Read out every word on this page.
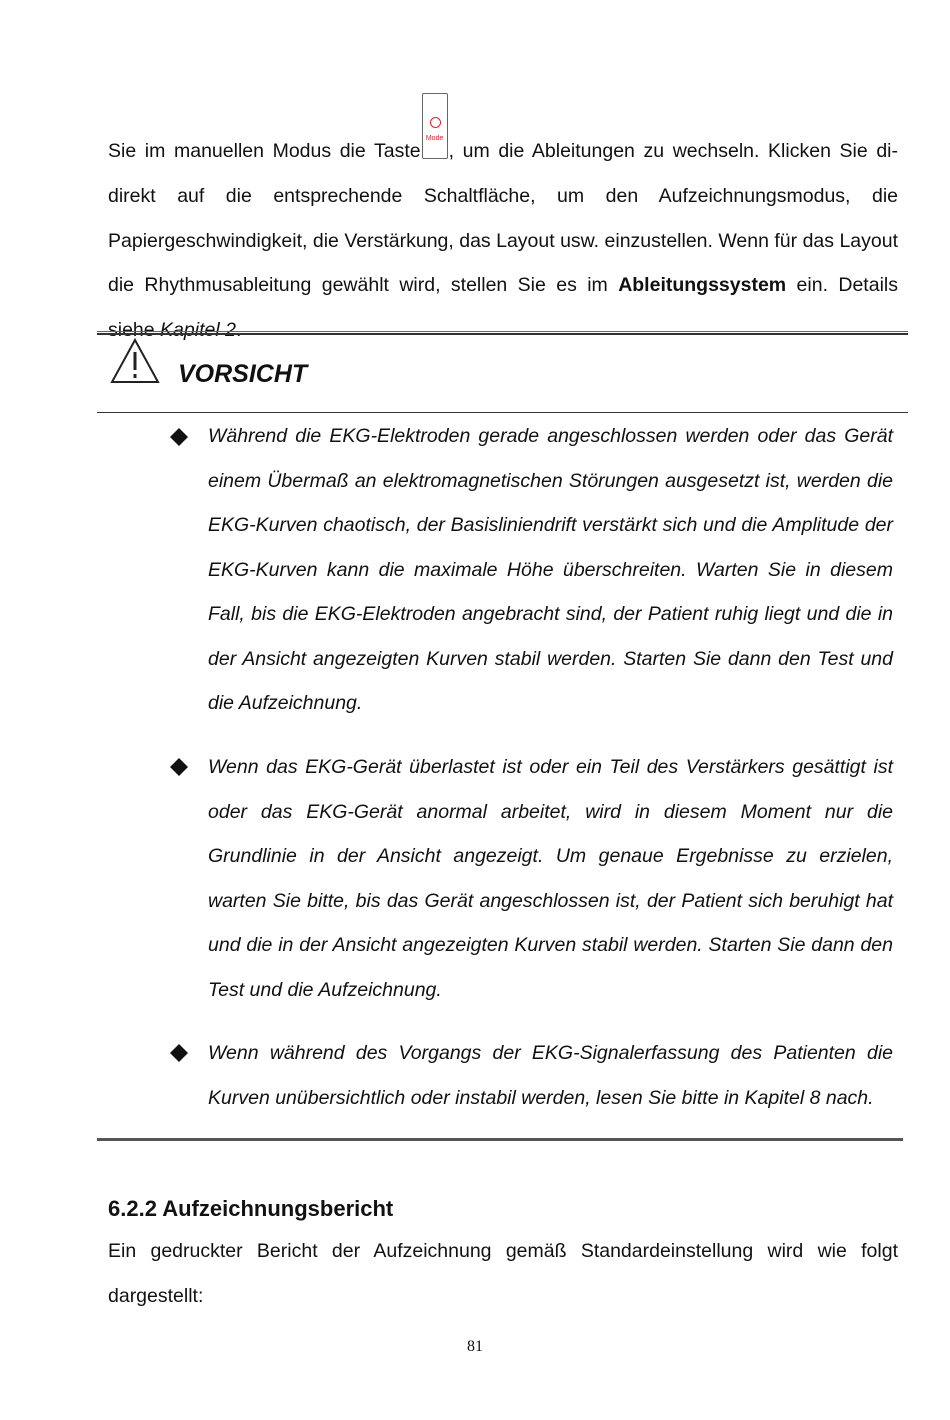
Sie im manuellen Modus die Taste
Mode
, um die Ableitungen zu wechseln. Klicken Sie di-direkt auf die entsprechende Schaltfläche, um den Aufzeichnungsmodus, die Papiergeschwindigkeit, die Verstärkung, das Layout usw. einzustellen. Wenn für das Layout die Rhythmusableitung gewählt wird, stellen Sie es im Ableitungssystem ein. Details

VORSICHT

Während die EKG-Elektroden gerade angeschlossen werden oder das Gerät einem Übermaß an elektromagnetischen Störungen ausgesetzt ist, werden die EKG-Kurven chaotisch, der Basisliniendrift verstärkt sich und die Amplitude der EKG-Kurven kann die maximale Höhe überschreiten. Warten Sie in diesem Fall, bis die EKG-Elektroden angebracht sind, der Patient ruhig liegt und die in der Ansicht angezeigten Kurven stabil werden. Starten Sie dann den Test und die Aufzeichnung.

Wenn das EKG-Gerät überlastet ist oder ein Teil des Verstärkers gesättigt ist oder das EKG-Gerät anormal arbeitet, wird in diesem Moment nur die Grundlinie in der Ansicht angezeigt. Um genaue Ergebnisse zu erzielen, warten Sie bitte, bis das Gerät angeschlossen ist, der Patient sich beruhigt hat und die in der Ansicht angezeigten Kurven stabil werden. Starten Sie dann den Test und die Aufzeichnung.

Wenn während des Vorgangs der EKG-Signalerfassung des Patienten die Kurven unübersichtlich oder instabil werden, lesen Sie bitte in Kapitel 8 nach.

6.2.2 Aufzeichnungsbericht

Ein gedruckter Bericht der Aufzeichnung gemäß Standardeinstellung wird wie folgt dargestellt:

81
